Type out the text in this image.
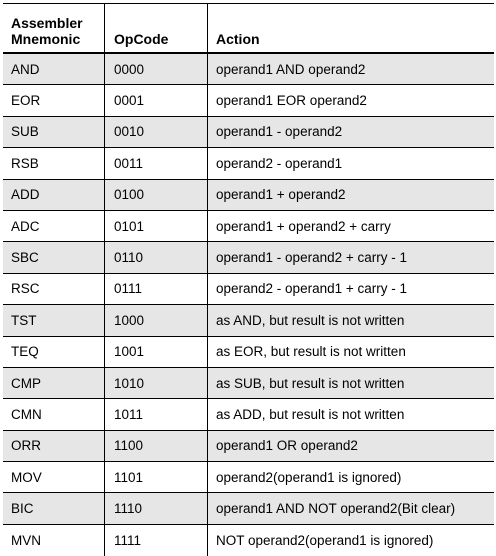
Assembler
Mnemonic	OpCode	Action
AND	0000	operand1 AND operand2
EOR	0001	operand1 EOR operand2
SUB	0010	operand1 - operand2
RSB	0011	operand2 - operand1
ADD	0100	operand1 + operand2
ADC	0101	operand1 + operand2 + carry
SBC	0110	operand1 - operand2 + carry - 1
RSC	0111	operand2 - operand1 + carry - 1
TST	1000	as AND, but result is not written
TEQ	1001	as EOR, but result is not written
CMP	1010	as SUB, but result is not written
CMN	1011	as ADD, but result is not written
ORR	1100	operand1 OR operand2
MOV	1101	operand2(operand1 is ignored)
BIC	1110	operand1 AND NOT operand2(Bit clear)
MVN	1111	NOT operand2(operand1 is ignored)
